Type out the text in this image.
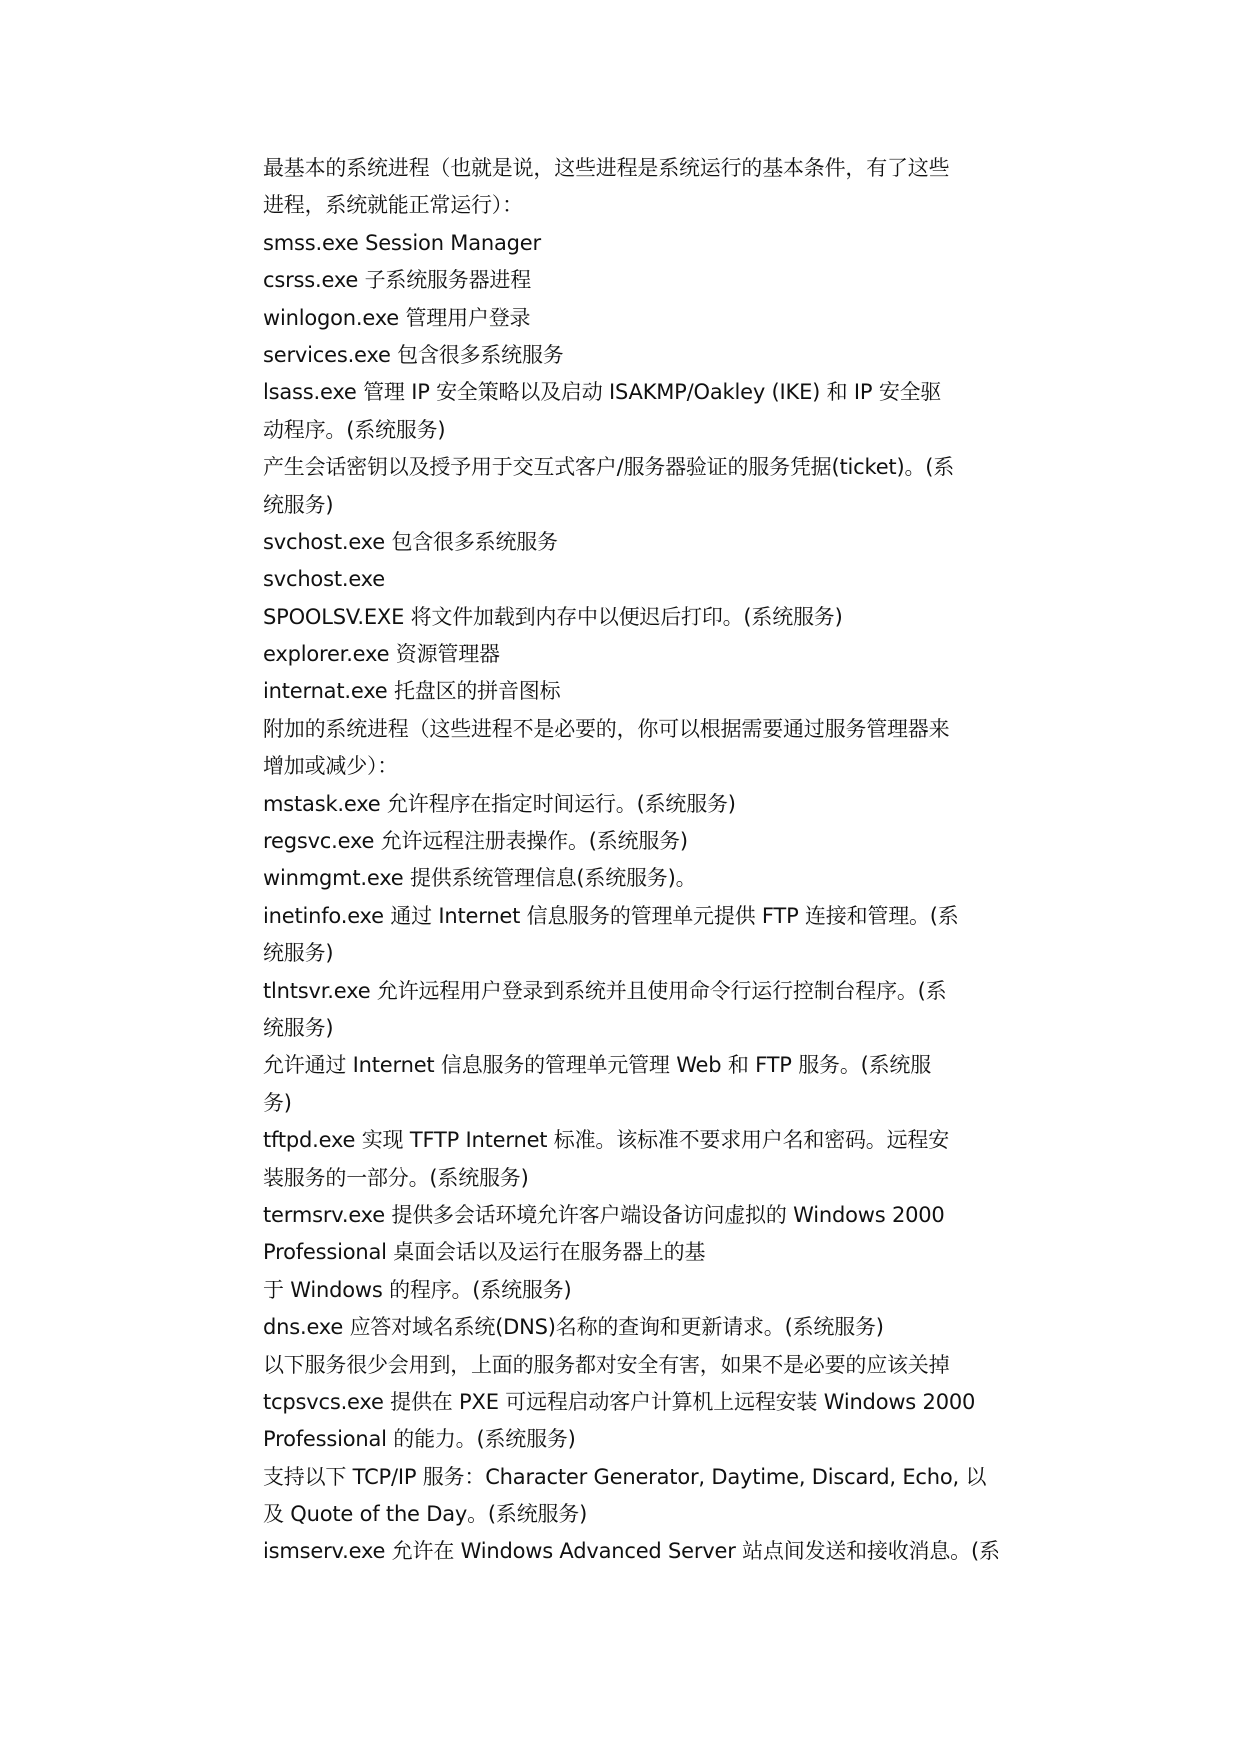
最基本的系统进程（也就是说，这些进程是系统运行的基本条件，有了这些
进程，系统就能正常运行）：
smss.exe Session Manager
csrss.exe 子系统服务器进程
winlogon.exe 管理用户登录
services.exe 包含很多系统服务
lsass.exe 管理 IP 安全策略以及启动 ISAKMP/Oakley (IKE) 和 IP 安全驱
动程序。(系统服务)
产生会话密钥以及授予用于交互式客户/服务器验证的服务凭据(ticket)。(系
统服务)
svchost.exe 包含很多系统服务
svchost.exe
SPOOLSV.EXE 将文件加载到内存中以便迟后打印。(系统服务)
explorer.exe 资源管理器
internat.exe 托盘区的拼音图标
附加的系统进程（这些进程不是必要的，你可以根据需要通过服务管理器来
增加或减少）：
mstask.exe 允许程序在指定时间运行。(系统服务)
regsvc.exe 允许远程注册表操作。(系统服务)
winmgmt.exe 提供系统管理信息(系统服务)。
inetinfo.exe 通过 Internet 信息服务的管理单元提供 FTP 连接和管理。(系
统服务)
tlntsvr.exe 允许远程用户登录到系统并且使用命令行运行控制台程序。(系
统服务)
允许通过 Internet 信息服务的管理单元管理 Web 和 FTP 服务。(系统服
务)
tftpd.exe 实现 TFTP Internet 标准。该标准不要求用户名和密码。远程安
装服务的一部分。(系统服务)
termsrv.exe 提供多会话环境允许客户端设备访问虚拟的 Windows 2000
Professional 桌面会话以及运行在服务器上的基
于 Windows 的程序。(系统服务)
dns.exe 应答对域名系统(DNS)名称的查询和更新请求。(系统服务)
以下服务很少会用到，上面的服务都对安全有害，如果不是必要的应该关掉
tcpsvcs.exe 提供在 PXE 可远程启动客户计算机上远程安装 Windows 2000
Professional 的能力。(系统服务)
支持以下 TCP/IP 服务：Character Generator, Daytime, Discard, Echo, 以
及 Quote of the Day。(系统服务)
ismserv.exe 允许在 Windows Advanced Server 站点间发送和接收消息。(系
